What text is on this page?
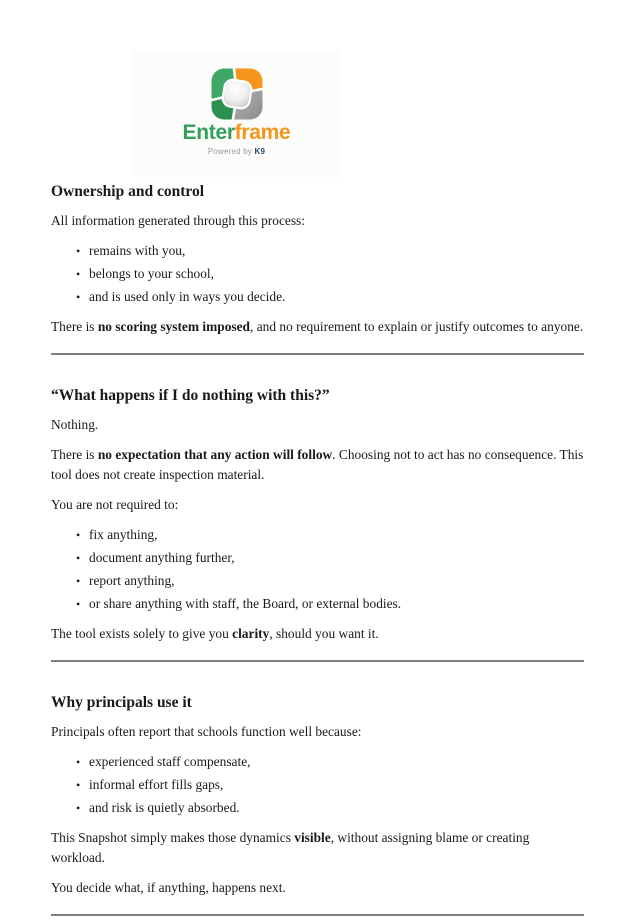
Enterframe
Powered by K9
Ownership and control

All information generated through this process:

• remains with you,
• belongs to your school,
• and is used only in ways you decide.

There is no scoring system imposed, and no requirement to explain or justify outcomes to anyone.

“What happens if I do nothing with this?”

Nothing.

There is no expectation that any action will follow. Choosing not to act has no consequence. This tool does not create inspection material.

You are not required to:

• fix anything,
• document anything further,
• report anything,
• or share anything with staff, the Board, or external bodies.

The tool exists solely to give you clarity, should you want it.

Why principals use it

Principals often report that schools function well because:

• experienced staff compensate,
• informal effort fills gaps,
• and risk is quietly absorbed.

This Snapshot simply makes those dynamics visible, without assigning blame or creating workload.

You decide what, if anything, happens next.
